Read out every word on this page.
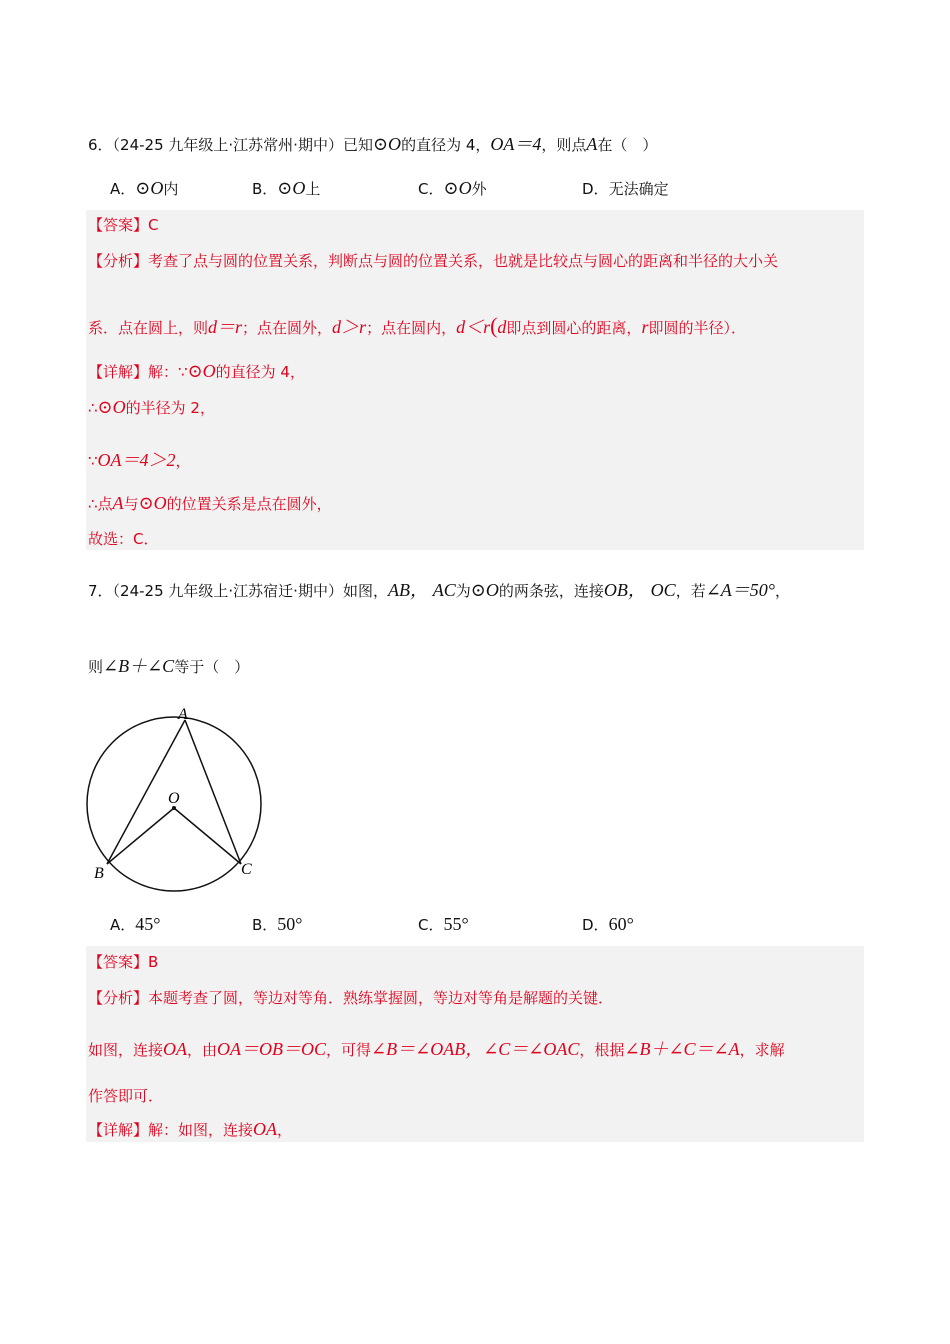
6．（24-25 九年级上·江苏常州·期中）已知⊙O的直径为 4，OA＝4，则点A在（　）
A．⊙O内	B．⊙O上	C．⊙O外	D．无法确定
【答案】C
【分析】考查了点与圆的位置关系，判断点与圆的位置关系，也就是比较点与圆心的距离和半径的大小关
系．点在圆上，则d＝r；点在圆外，d＞r；点在圆内，d＜r(d即点到圆心的距离，r即圆的半径）．
【详解】解：∵⊙O的直径为 4，
∴⊙O的半径为 2，
∵OA＝4＞2，
∴点A与⊙O的位置关系是点在圆外，
故选：C．
7．（24-25 九年级上·江苏宿迁·期中）如图，AB， AC为⊙O的两条弦，连接OB， OC，若∠A＝50°，
则∠B＋∠C等于（　）
A
O
B	C
A．45°	B．50°	C．55°	D．60°
【答案】B
【分析】本题考查了圆，等边对等角．熟练掌握圆，等边对等角是解题的关键．
如图，连接OA，由OA＝OB＝OC，可得∠B＝∠OAB，∠C＝∠OAC，根据∠B＋∠C＝∠A，求解
作答即可．
【详解】解：如图，连接OA，
